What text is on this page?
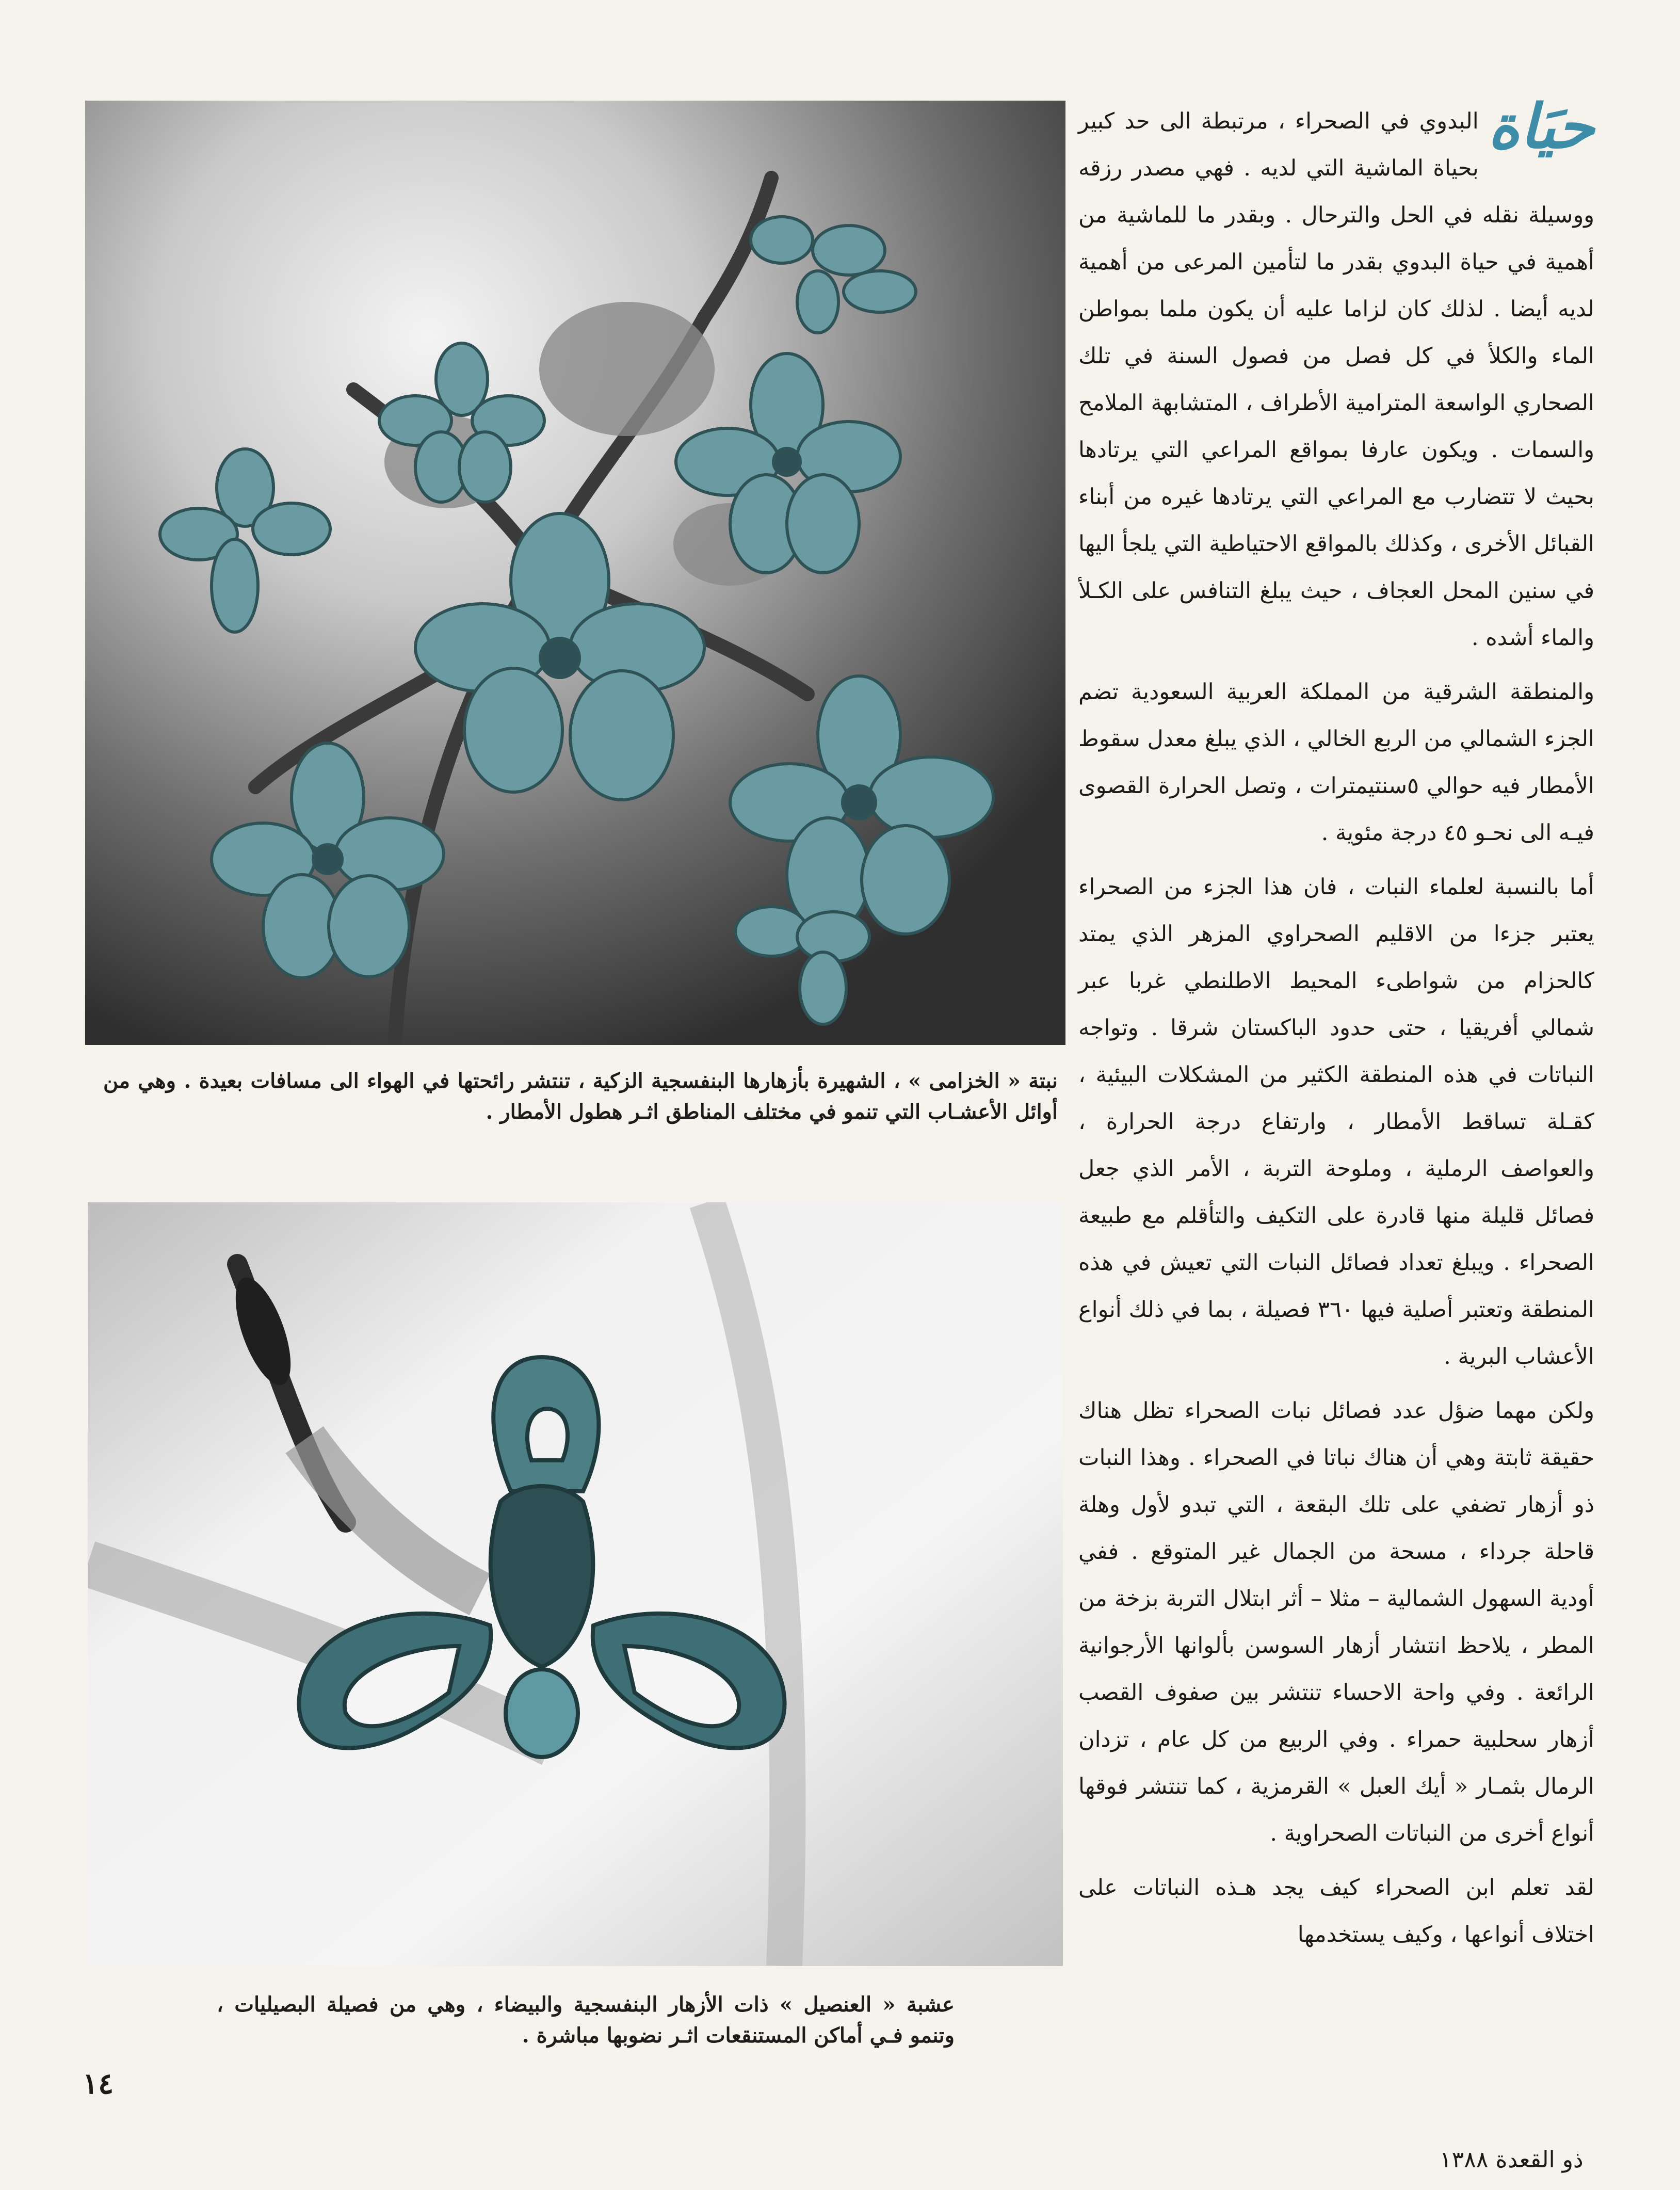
نبتة « الخزامى » ، الشهيرة بأزهارها البنفسجية الزكية ، تنتشر رائحتها في الهواء الى مسافات بعيدة . وهي من أوائل الأعشـاب التي تنمو في مختلف المناطق اثـر هطول الأمطار .
عشبة « العنصيل » ذات الأزهار البنفسجية والبيضاء ، وهي من فصيلة البصيليات ، وتنمو فـي أماكن المستنقعات اثـر نضوبها مباشرة .

حيَاة
البدوي في الصحراء ، مرتبطة الى حد كبير بحياة الماشية التي لديه . فهي مصدر رزقه ووسيلة نقله في الحل والترحال . وبقدر ما للماشية من أهمية في حياة البدوي بقدر ما لتأمين المرعى من أهمية لديه أيضا . لذلك كان لزاما عليه أن يكون ملما بمواطن الماء والكلأ في كل فصل من فصول السنة في تلك الصحاري الواسعة المترامية الأطراف ، المتشابهة الملامح والسمات . ويكون عارفا بمواقع المراعي التي يرتادها بحيث لا تتضارب مع المراعي التي يرتادها غيره من أبناء القبائل الأخرى ، وكذلك بالمواقع الاحتياطية التي يلجأ اليها في سنين المحل العجاف ، حيث يبلغ التنافس على الكـلأ والماء أشده .

والمنطقة الشرقية من المملكة العربية السعودية تضم الجزء الشمالي من الربع الخالي ، الذي يبلغ معدل سقوط الأمطار فيه حوالي ٥سنتيمترات ، وتصل الحرارة القصوى فيـه الى نحـو ٤٥ درجة مئوية .

أما بالنسبة لعلماء النبات ، فان هذا الجزء من الصحراء يعتبر جزءا من الاقليم الصحراوي المزهر الذي يمتد كالحزام من شواطىء المحيط الاطلنطي غربا عبر شمالي أفريقيا ، حتى حدود الباكستان شرقا . وتواجه النباتات في هذه المنطقة الكثير من المشكلات البيئية ، كقـلة تساقط الأمطار ، وارتفاع درجة الحرارة ، والعواصف الرملية ، وملوحة التربة ، الأمر الذي جعل فصائل قليلة منها قادرة على التكيف والتأقلم مع طبيعة الصحراء . ويبلغ تعداد فصائل النبات التي تعيش في هذه المنطقة وتعتبر أصلية فيها ٣٦٠ فصيلة ، بما في ذلك أنواع الأعشاب البرية .

ولكن مهما ضؤل عدد فصائل نبات الصحراء تظل هناك حقيقة ثابتة وهي أن هناك نباتا في الصحراء . وهذا النبات ذو أزهار تضفي على تلك البقعة ، التي تبدو لأول وهلة قاحلة جرداء ، مسحة من الجمال غير المتوقع . ففي أودية السهول الشمالية – مثلا – أثر ابتلال التربة بزخة من المطر ، يلاحظ انتشار أزهار السوسن بألوانها الأرجوانية الرائعة . وفي واحة الاحساء تنتشر بين صفوف القصب أزهار سحلبية حمراء . وفي الربيع من كل عام ، تزدان الرمال بثمـار « أيك العبل » القرمزية ، كما تنتشر فوقها أنواع أخرى من النباتات الصحراوية .

لقد تعلم ابن الصحراء كيف يجد هـذه النباتات على اختلاف أنواعها ، وكيف يستخدمها

١٤
ذو القعدة ١٣٨٨
